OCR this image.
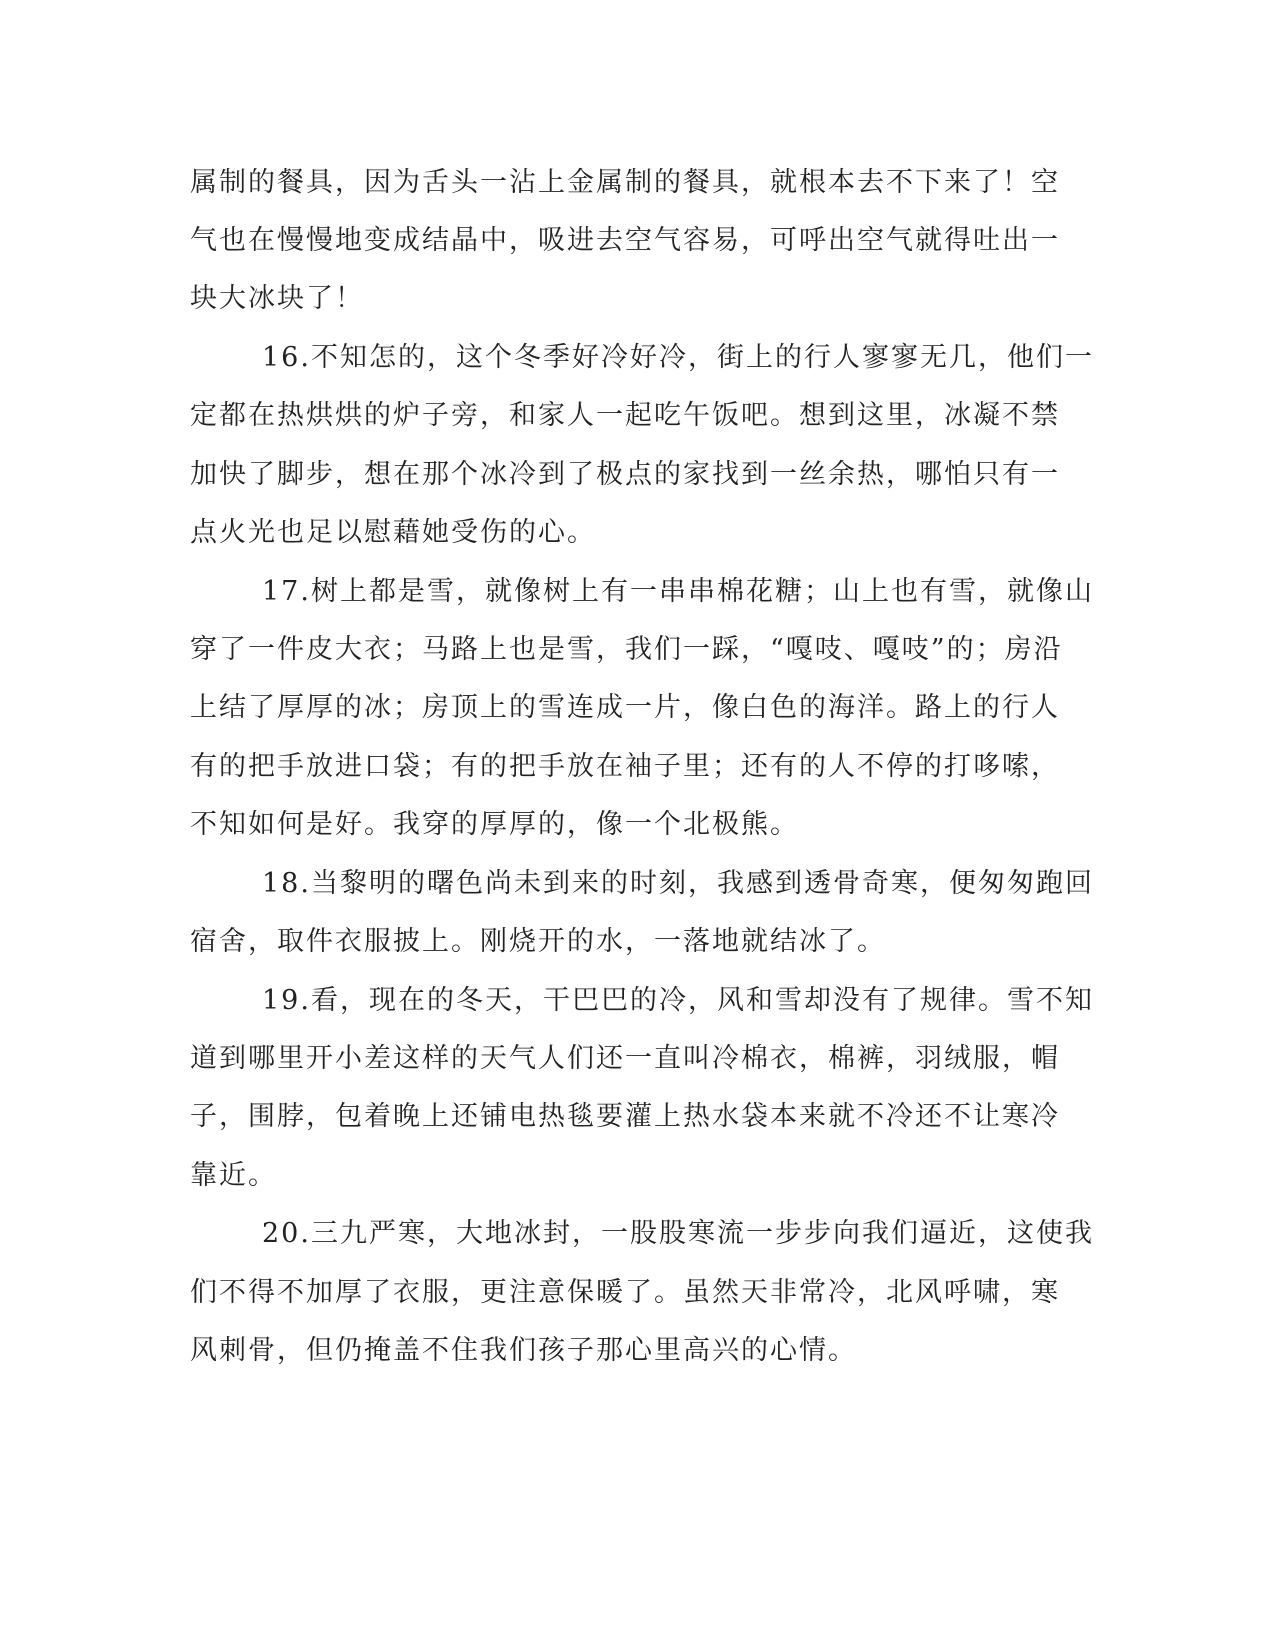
属制的餐具，因为舌头一沾上金属制的餐具，就根本去不下来了！空
气也在慢慢地变成结晶中，吸进去空气容易，可呼出空气就得吐出一
块大冰块了！
16.不知怎的，这个冬季好冷好冷，街上的行人寥寥无几，他们一
定都在热烘烘的炉子旁，和家人一起吃午饭吧。想到这里，冰凝不禁
加快了脚步，想在那个冰冷到了极点的家找到一丝余热，哪怕只有一
点火光也足以慰藉她受伤的心。
17.树上都是雪，就像树上有一串串棉花糖；山上也有雪，就像山
穿了一件皮大衣；马路上也是雪，我们一踩，“嘎吱、嘎吱”的；房沿
上结了厚厚的冰；房顶上的雪连成一片，像白色的海洋。路上的行人
有的把手放进口袋；有的把手放在袖子里；还有的人不停的打哆嗦，
不知如何是好。我穿的厚厚的，像一个北极熊。
18.当黎明的曙色尚未到来的时刻，我感到透骨奇寒，便匆匆跑回
宿舍，取件衣服披上。刚烧开的水，一落地就结冰了。
19.看，现在的冬天，干巴巴的冷，风和雪却没有了规律。雪不知
道到哪里开小差这样的天气人们还一直叫冷棉衣，棉裤，羽绒服，帽
子，围脖，包着晚上还铺电热毯要灌上热水袋本来就不冷还不让寒冷
靠近。
20.三九严寒，大地冰封，一股股寒流一步步向我们逼近，这使我
们不得不加厚了衣服，更注意保暖了。虽然天非常冷，北风呼啸，寒
风刺骨，但仍掩盖不住我们孩子那心里高兴的心情。
